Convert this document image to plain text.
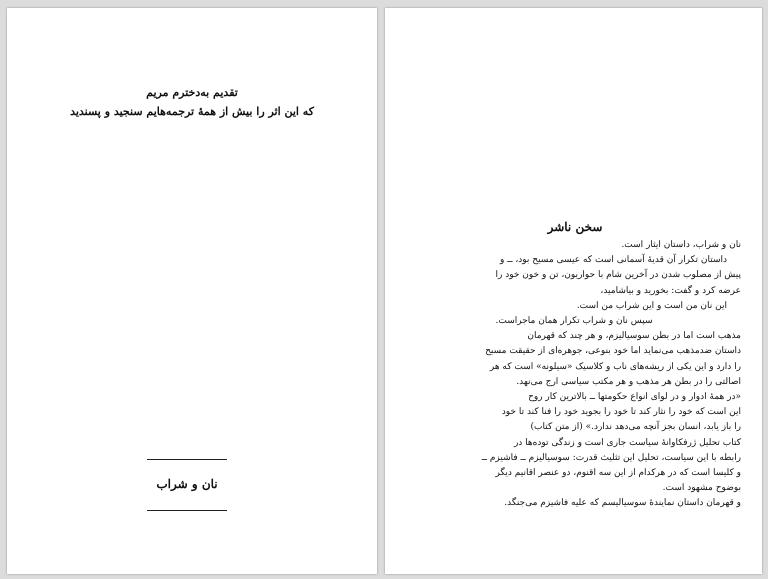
تقدیم به‌دخترم مریم
که این اثر را بیش از همهٔ ترجمه‌هایم سنجید و پسندید
نان و شراب
سخن ناشر
نان و شراب، داستان ایثار است.
داستان تکرار آن قدیهٔ آسمانی است که عیسی مسیح بود، ــ و
پیش از مصلوب شدن در آخرین شام با حواریون، تن و خون خود را
عرضه کرد و گفت: بخورید و بیاشامید،
این نان من است و این شراب من است.
سپس نان و شراب تکرار همان ماجراست.
مذهب است اما در بطن سوسیالیزم، و هر چند که قهرمان
داستان ضدمذهب می‌نماید اما خود بنوعی، جوهره‌ای از حقیقت مسیح
را دارد و این یکی از ریشه‌های ناب و کلاسیک «سیلونه» است که هر
اصالتی را در بطن هر مذهب و هر مکتب سیاسی ارج می‌نهد.
«در همهٔ ادوار و در لوای انواع حکومتها ــ بالاترین کار روح
این است که خود را نثار کند تا خود را بجوید خود را فنا کند تا خود
را باز یابد، انسان بجز آنچه می‌دهد ندارد.» (از متن کتاب)
کتاب تحلیل ژرفکاوانهٔ سیاست جاری است و زندگی توده‌ها در
رابطه با این سیاست، تحلیل این تثلیث قدرت: سوسیالیزم ــ فاشیزم ــ
و کلیسا است که در هرکدام از این سه اقنوم، دو عنصر اقانیم دیگر
بوضوح مشهود است.
و قهرمان داستان نمایندهٔ سوسیالیسم که علیه فاشیزم می‌جنگد.
